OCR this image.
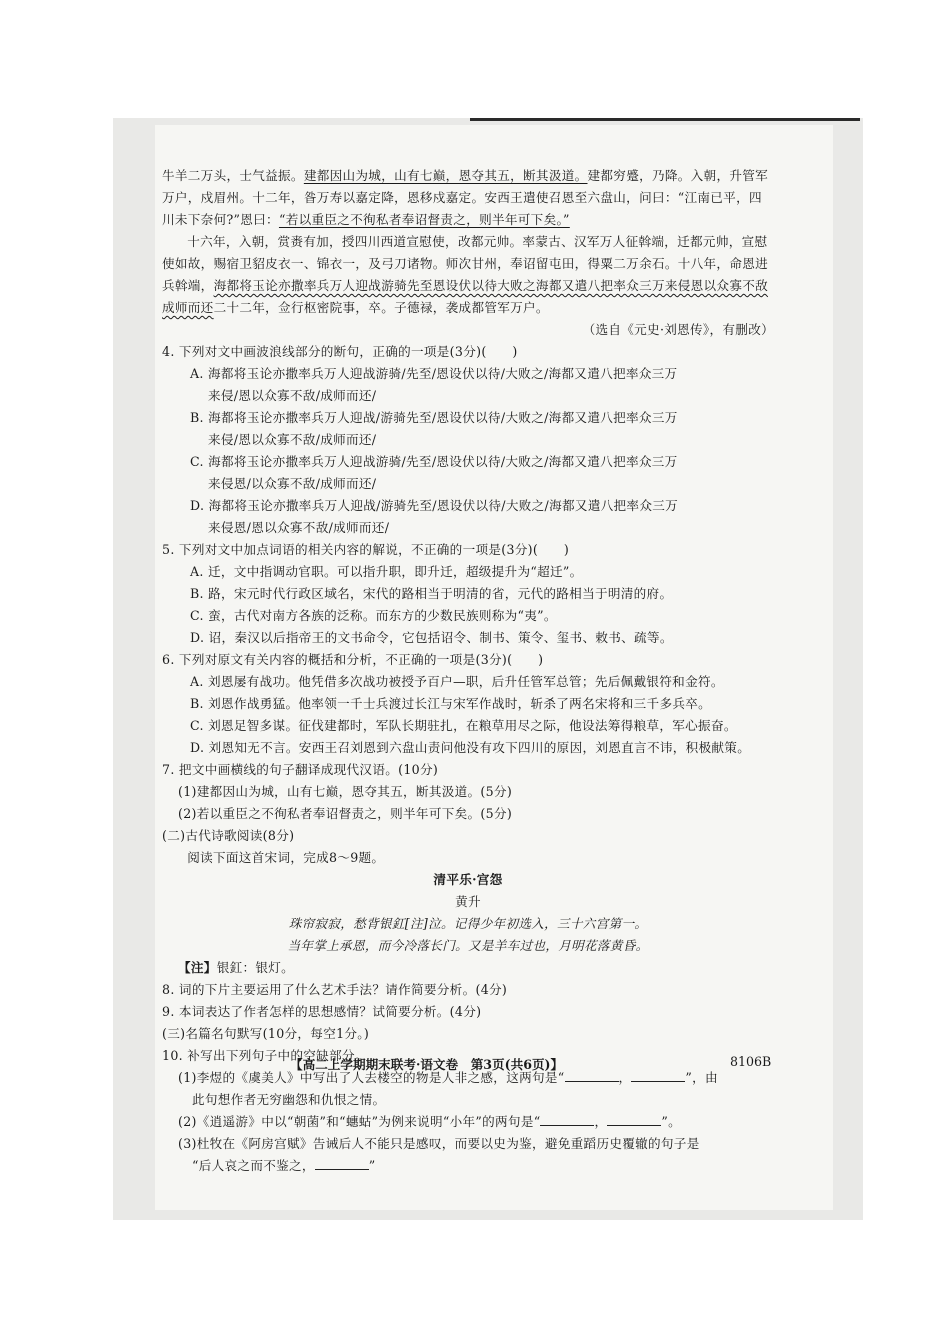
牛羊二万头，士气益振。建都因山为城，山有七巅，恩夺其五，断其汲道。建都穷蹙，乃降。入朝，升管军万户，戍眉州。十二年，昝万寿以嘉定降，恩移戍嘉定。安西王遣使召恩至六盘山，问曰：“江南已平，四川未下奈何?”恩曰：“若以重臣之不徇私者奉诏督责之，则半年可下矣。”

十六年，入朝，赏赉有加，授四川西道宣慰使，改都元帅。率蒙古、汉军万人征斡端，迁都元帅，宣慰使如故，赐宿卫貂皮衣一、锦衣一，及弓刀诸物。师次甘州，奉诏留屯田，得粟二万余石。十八年，命恩进兵斡端，海都将玉论亦撒率兵万人迎战游骑先至恩设伏以待大败之海都又遣八把率众三万来侵恩以众寡不敌成师而还二十二年，佥行枢密院事，卒。子德禄，袭成都管军万户。

（选自《元史·刘恩传》，有删改）

4. 下列对文中画波浪线部分的断句，正确的一项是(3分)(　　)

A. 海都将玉论亦撒率兵万人迎战游骑/先至/恩设伏以待/大败之/海都又遣八把率众三万

来侵/恩以众寡不敌/成师而还/

B. 海都将玉论亦撒率兵万人迎战/游骑先至/恩设伏以待/大败之/海都又遣八把率众三万

来侵/恩以众寡不敌/成师而还/

C. 海都将玉论亦撒率兵万人迎战游骑/先至/恩设伏以待/大败之/海都又遣八把率众三万

来侵恩/以众寡不敌/成师而还/

D. 海都将玉论亦撒率兵万人迎战/游骑先至/恩设伏以待/大败之/海都又遣八把率众三万

来侵恩/恩以众寡不敌/成师而还/

5. 下列对文中加点词语的相关内容的解说，不正确的一项是(3分)(　　)

A. 迁，文中指调动官职。可以指升职，即升迁，超级提升为“超迁”。

B. 路，宋元时代行政区域名，宋代的路相当于明清的省，元代的路相当于明清的府。

C. 蛮，古代对南方各族的泛称。而东方的少数民族则称为“夷”。

D. 诏，秦汉以后指帝王的文书命令，它包括诏令、制书、策令、玺书、敕书、疏等。

6. 下列对原文有关内容的概括和分析，不正确的一项是(3分)(　　)

A. 刘恩屡有战功。他凭借多次战功被授予百户—职，后升任管军总管；先后佩戴银符和金符。

B. 刘恩作战勇猛。他率领一千士兵渡过长江与宋军作战时，斩杀了两名宋将和三千多兵卒。

C. 刘恩足智多谋。征伐建都时，军队长期驻扎，在粮草用尽之际，他设法筹得粮草，军心振奋。

D. 刘恩知无不言。安西王召刘恩到六盘山责问他没有攻下四川的原因，刘恩直言不讳，积极献策。

7. 把文中画横线的句子翻译成现代汉语。(10分)

(1)建都因山为城，山有七巅，恩夺其五，断其汲道。(5分)

(2)若以重臣之不徇私者奉诏督责之，则半年可下矣。(5分)

(二)古代诗歌阅读(8分)

阅读下面这首宋词，完成8～9题。

清平乐·宫怨

黄升

珠帘寂寂，愁背银釭[注]泣。记得少年初选入，三十六宫第一。

当年掌上承恩，而今冷落长门。又是羊车过也，月明花落黄昏。

【注】银釭：银灯。

8. 词的下片主要运用了什么艺术手法？请作简要分析。(4分)

9. 本词表达了作者怎样的思想感情？试简要分析。(4分)

(三)名篇名句默写(10分，每空1分。)

10. 补写出下列句子中的空缺部分。

(1)李煜的《虞美人》中写出了人去楼空的物是人非之感，这两句是“	，	”，由

此句想作者无穷幽怨和仇恨之情。

(2)《逍遥游》中以“朝菌”和“蟪蛄”为例来说明“小年”的两句是“	，	”。

(3)杜牧在《阿房宫赋》告诫后人不能只是感叹，而要以史为鉴，避免重蹈历史覆辙的句子是

“后人哀之而不鉴之，	”

【高二上学期期末联考·语文卷　第3页(共6页)】	8106B
